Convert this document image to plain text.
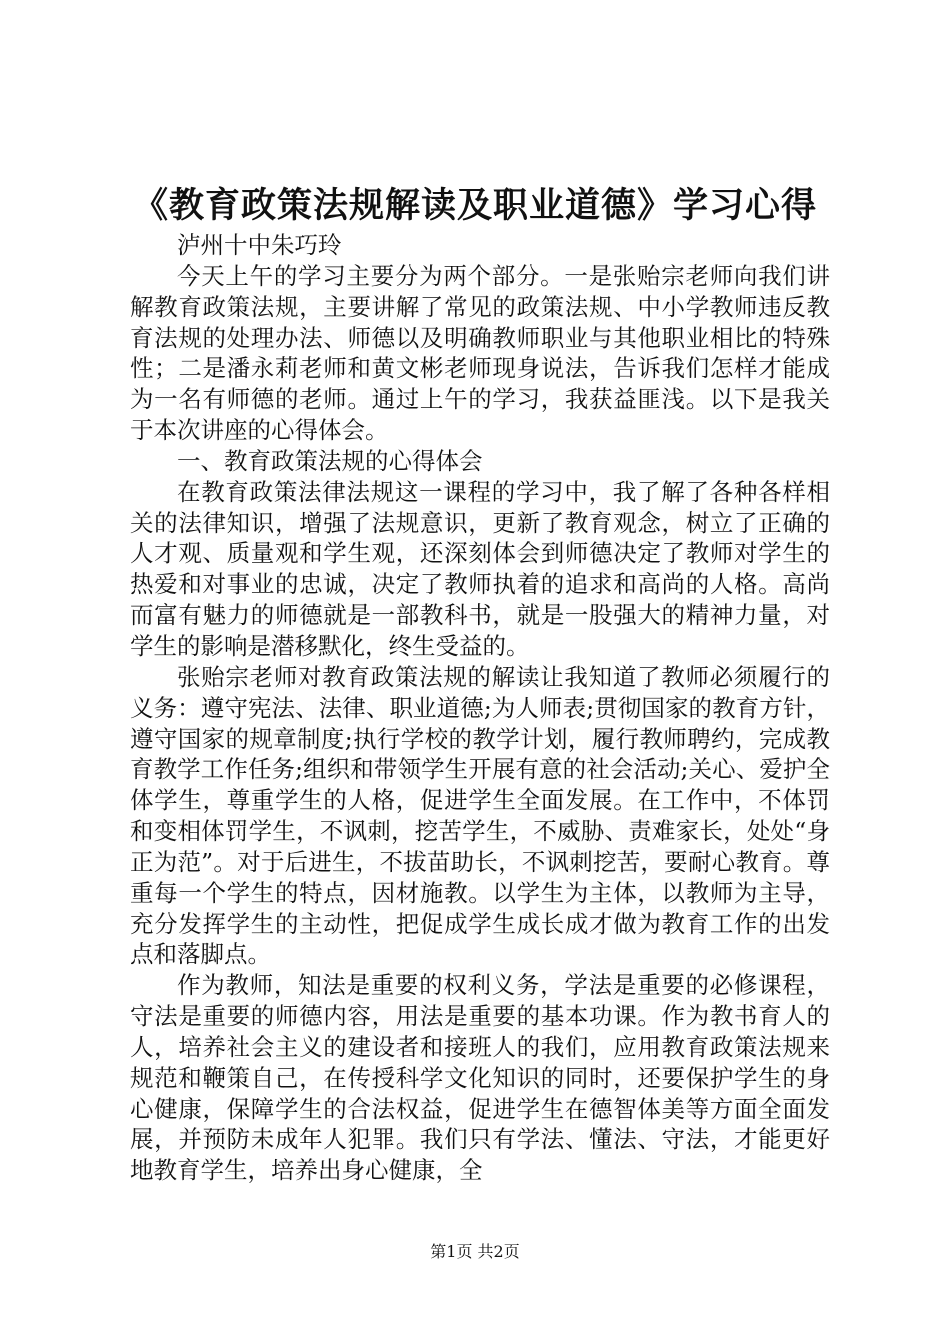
《教育政策法规解读及职业道德》学习心得

泸州十中朱巧玲

今天上午的学习主要分为两个部分。一是张贻宗老师向我们讲解教育政策法规，主要讲解了常见的政策法规、中小学教师违反教育法规的处理办法、师德以及明确教师职业与其他职业相比的特殊性；二是潘永莉老师和黄文彬老师现身说法，告诉我们怎样才能成为一名有师德的老师。通过上午的学习，我获益匪浅。以下是我关于本次讲座的心得体会。

一、教育政策法规的心得体会

在教育政策法律法规这一课程的学习中，我了解了各种各样相关的法律知识，增强了法规意识，更新了教育观念，树立了正确的人才观、质量观和学生观，还深刻体会到师德决定了教师对学生的热爱和对事业的忠诚，决定了教师执着的追求和高尚的人格。高尚而富有魅力的师德就是一部教科书，就是一股强大的精神力量，对学生的影响是潜移默化，终生受益的。

张贻宗老师对教育政策法规的解读让我知道了教师必须履行的义务：遵守宪法、法律、职业道德;为人师表;贯彻国家的教育方针，遵守国家的规章制度;执行学校的教学计划，履行教师聘约，完成教育教学工作任务;组织和带领学生开展有意的社会活动;关心、爱护全体学生，尊重学生的人格，促进学生全面发展。在工作中，不体罚和变相体罚学生，不讽刺，挖苦学生，不威胁、责难家长，处处“身正为范”。对于后进生，不拔苗助长，不讽刺挖苦，要耐心教育。尊重每一个学生的特点，因材施教。以学生为主体，以教师为主导，充分发挥学生的主动性，把促成学生成长成才做为教育工作的出发点和落脚点。

作为教师，知法是重要的权利义务，学法是重要的必修课程，守法是重要的师德内容，用法是重要的基本功课。作为教书育人的人，培养社会主义的建设者和接班人的我们，应用教育政策法规来规范和鞭策自己，在传授科学文化知识的同时，还要保护学生的身心健康，保障学生的合法权益，促进学生在德智体美等方面全面发展，并预防未成年人犯罪。我们只有学法、懂法、守法，才能更好地教育学生，培养出身心健康，全

第1页 共2页
